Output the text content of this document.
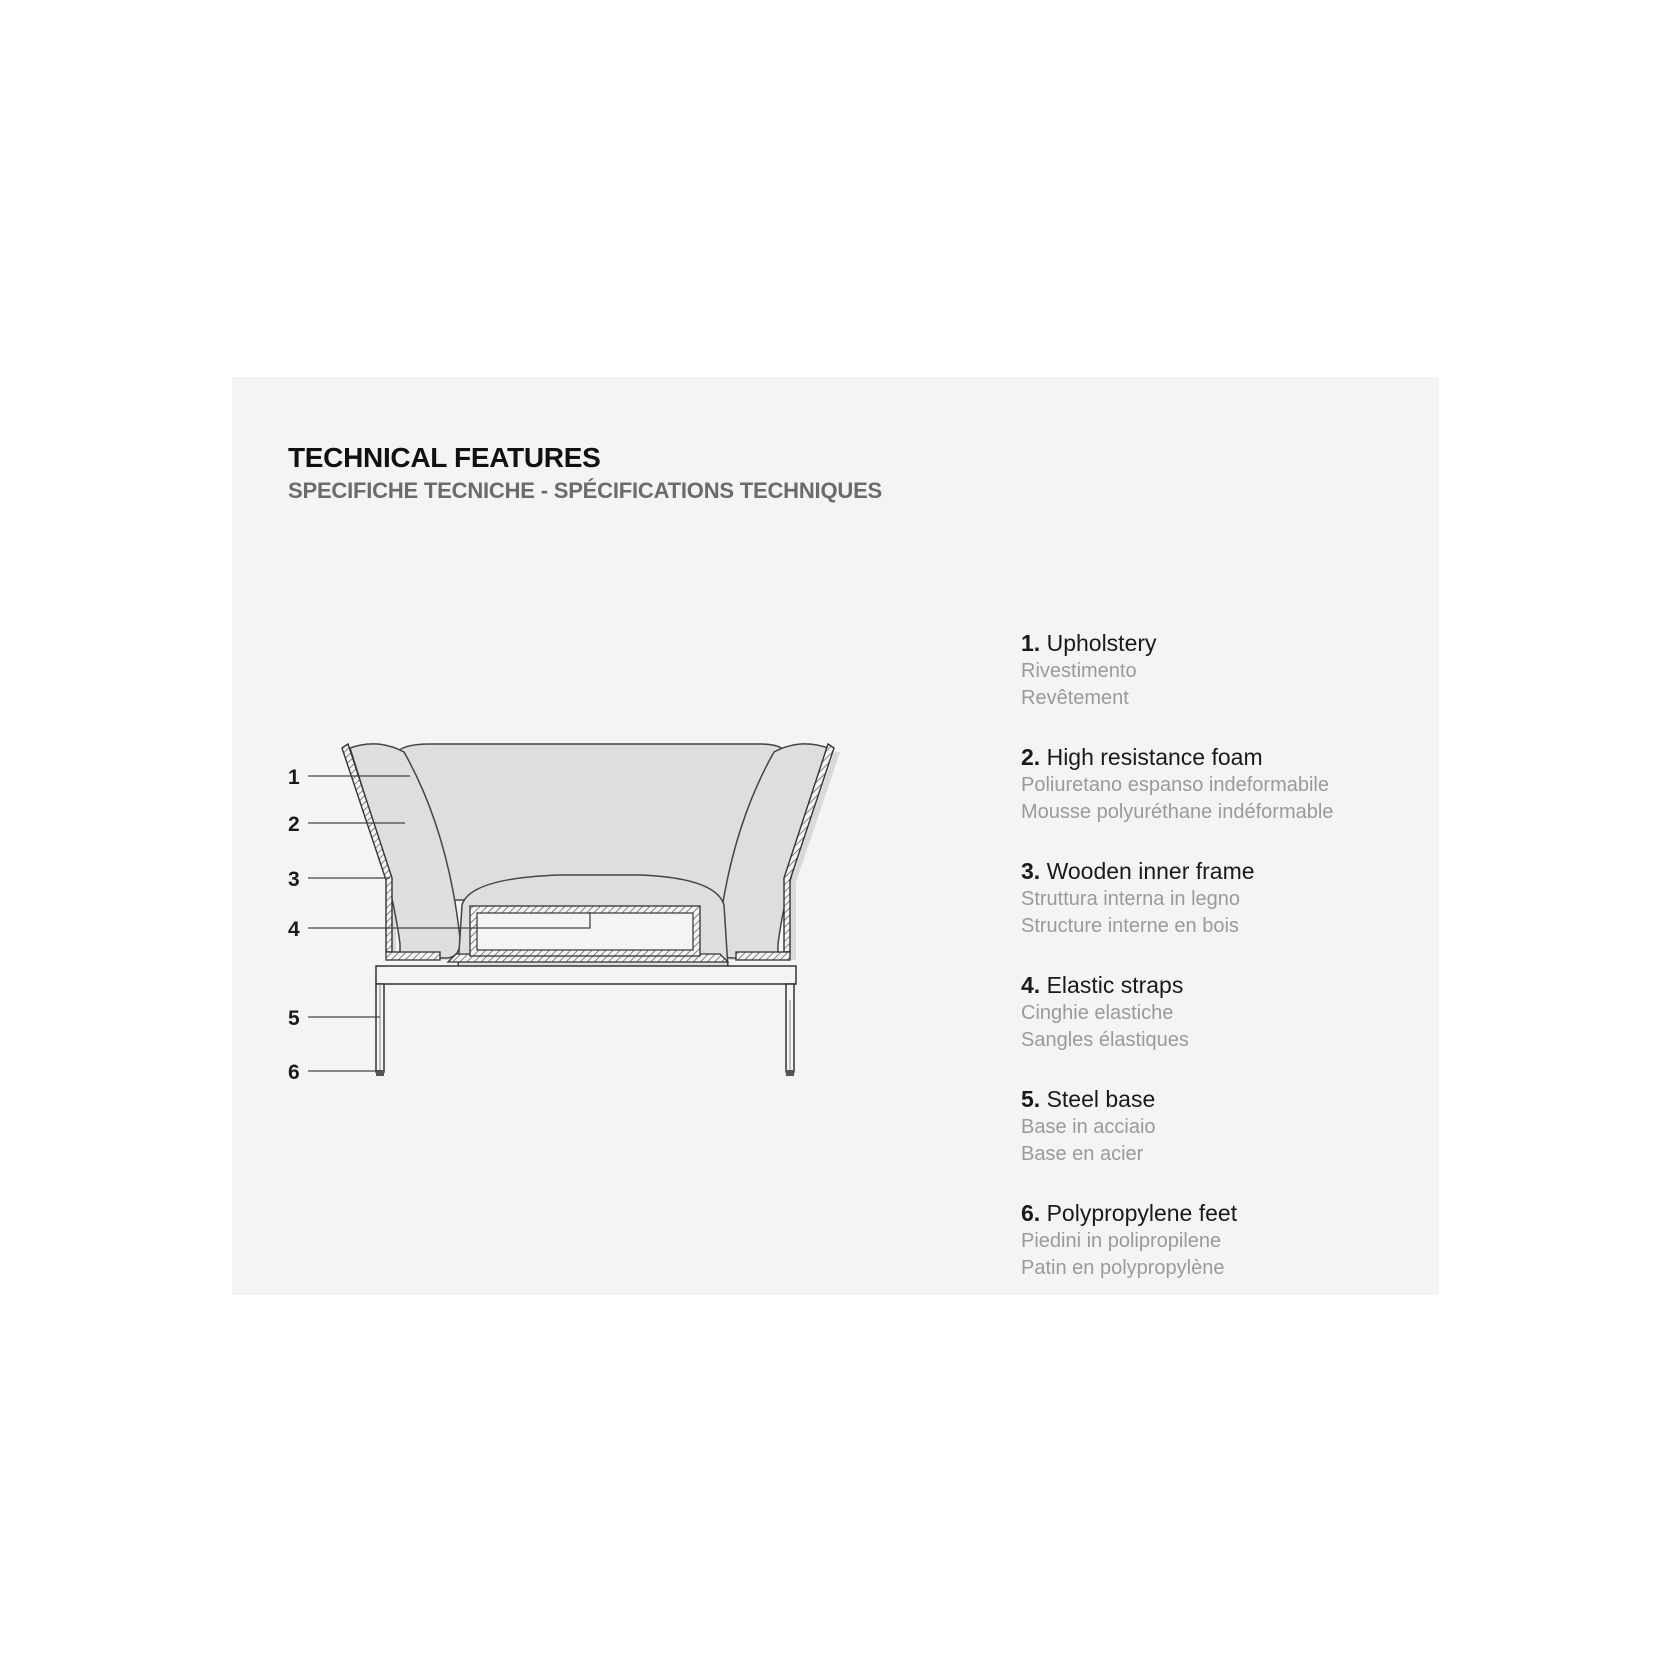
TECHNICAL FEATURES
SPECIFICHE TECNICHE - SPÉCIFICATIONS TECHNIQUES
1
2
3
4
5
6
1. Upholstery
Rivestimento
Revêtement
2. High resistance foam
Poliuretano espanso indeformabile
Mousse polyuréthane indéformable
3. Wooden inner frame
Struttura interna in legno
Structure interne en bois
4. Elastic straps
Cinghie elastiche
Sangles élastiques
5. Steel base
Base in acciaio
Base en acier
6. Polypropylene feet
Piedini in polipropilene
Patin en polypropylène
